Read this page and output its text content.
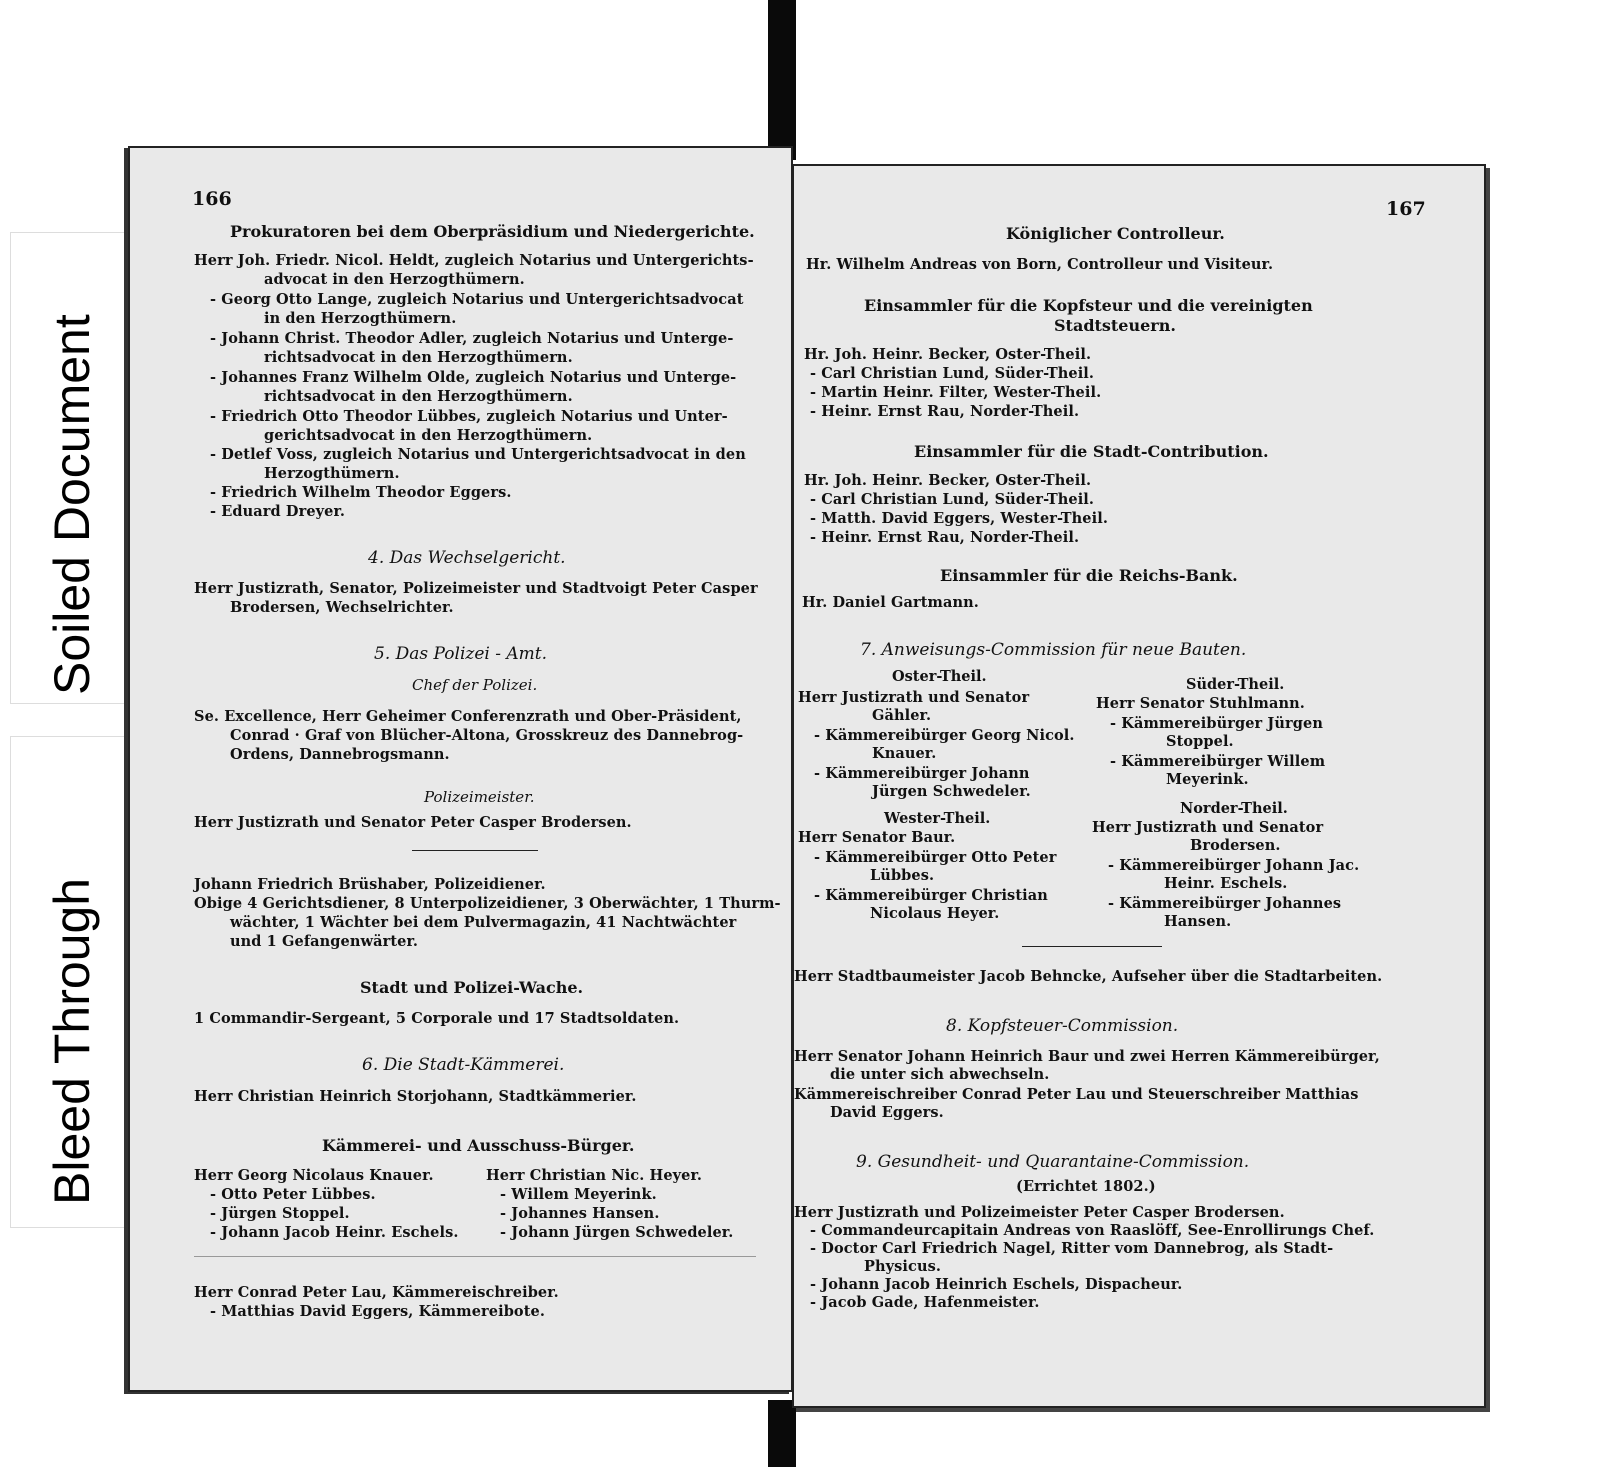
Soiled Document
Bleed Through
166
Prokuratoren bei dem Oberpräsidium und Niedergerichte.
Herr Joh. Friedr. Nicol. Heldt, zugleich Notarius und Untergerichts-
advocat in den Herzogthümern.
- Georg Otto Lange, zugleich Notarius und Untergerichtsadvocat
in den Herzogthümern.
- Johann Christ. Theodor Adler, zugleich Notarius und Unterge-
richtsadvocat in den Herzogthümern.
- Johannes Franz Wilhelm Olde, zugleich Notarius und Unterge-
richtsadvocat in den Herzogthümern.
- Friedrich Otto Theodor Lübbes, zugleich Notarius und Unter-
gerichtsadvocat in den Herzogthümern.
- Detlef Voss, zugleich Notarius und Untergerichtsadvocat in den
Herzogthümern.
- Friedrich Wilhelm Theodor Eggers.
- Eduard Dreyer.
4. Das Wechselgericht.
Herr Justizrath, Senator, Polizeimeister und Stadtvoigt Peter Casper
Brodersen, Wechselrichter.
5. Das Polizei - Amt.
Chef der Polizei.
Se. Excellence, Herr Geheimer Conferenzrath und Ober-Präsident,
Conrad · Graf von Blücher-Altona, Grosskreuz des Dannebrog-
Ordens, Dannebrogsmann.
Polizeimeister.
Herr Justizrath und Senator Peter Casper Brodersen.
Johann Friedrich Brüshaber, Polizeidiener.
Obige 4 Gerichtsdiener, 8 Unterpolizeidiener, 3 Oberwächter, 1 Thurm-
wächter, 1 Wächter bei dem Pulvermagazin, 41 Nachtwächter
und 1 Gefangenwärter.
Stadt und Polizei-Wache.
1 Commandir-Sergeant, 5 Corporale und 17 Stadtsoldaten.
6. Die Stadt-Kämmerei.
Herr Christian Heinrich Storjohann, Stadtkämmerier.
Kämmerei- und Ausschuss-Bürger.
Herr Georg Nicolaus Knauer.
- Otto Peter Lübbes.
- Jürgen Stoppel.
- Johann Jacob Heinr. Eschels.
Herr Christian Nic. Heyer.
- Willem Meyerink.
- Johannes Hansen.
- Johann Jürgen Schwedeler.
Herr Conrad Peter Lau, Kämmereischreiber.
- Matthias David Eggers, Kämmereibote.
167
Königlicher Controlleur.
Hr. Wilhelm Andreas von Born, Controlleur und Visiteur.
Einsammler für die Kopfsteur und die vereinigten
Stadtsteuern.
Hr. Joh. Heinr. Becker, Oster-Theil.
- Carl Christian Lund, Süder-Theil.
- Martin Heinr. Filter, Wester-Theil.
- Heinr. Ernst Rau, Norder-Theil.
Einsammler für die Stadt-Contribution.
Hr. Joh. Heinr. Becker, Oster-Theil.
- Carl Christian Lund, Süder-Theil.
- Matth. David Eggers, Wester-Theil.
- Heinr. Ernst Rau, Norder-Theil.
Einsammler für die Reichs-Bank.
Hr. Daniel Gartmann.
7. Anweisungs-Commission für neue Bauten.
Oster-Theil.
Herr Justizrath und Senator
Gähler.
- Kämmereibürger Georg Nicol.
Knauer.
- Kämmereibürger Johann
Jürgen Schwedeler.
Süder-Theil.
Herr Senator Stuhlmann.
- Kämmereibürger Jürgen
Stoppel.
- Kämmereibürger Willem
Meyerink.
Wester-Theil.
Herr Senator Baur.
- Kämmereibürger Otto Peter
Lübbes.
- Kämmereibürger Christian
Nicolaus Heyer.
Norder-Theil.
Herr Justizrath und Senator
Brodersen.
- Kämmereibürger Johann Jac.
Heinr. Eschels.
- Kämmereibürger Johannes
Hansen.
Herr Stadtbaumeister Jacob Behncke, Aufseher über die Stadtarbeiten.
8. Kopfsteuer-Commission.
Herr Senator Johann Heinrich Baur und zwei Herren Kämmereibürger,
die unter sich abwechseln.
Kämmereischreiber Conrad Peter Lau und Steuerschreiber Matthias
David Eggers.
9. Gesundheit- und Quarantaine-Commission.
(Errichtet 1802.)
Herr Justizrath und Polizeimeister Peter Casper Brodersen.
- Commandeurcapitain Andreas von Raaslöff, See-Enrollirungs Chef.
- Doctor Carl Friedrich Nagel, Ritter vom Dannebrog, als Stadt-
Physicus.
- Johann Jacob Heinrich Eschels, Dispacheur.
- Jacob Gade, Hafenmeister.
